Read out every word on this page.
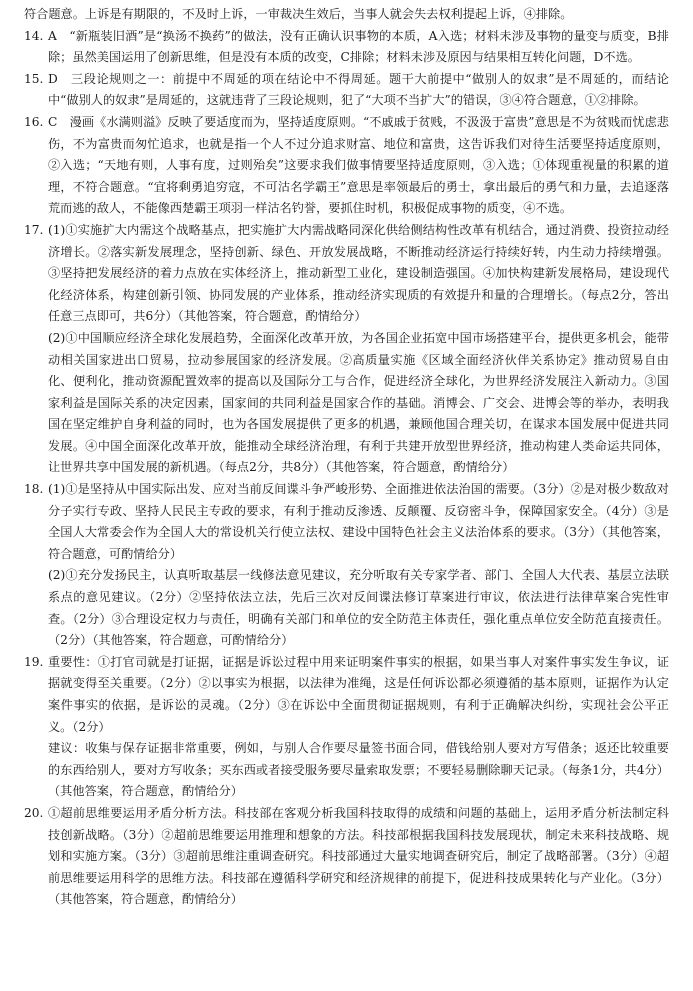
符合题意。上诉是有期限的，不及时上诉，一审裁决生效后，当事人就会失去权利提起上诉，④排除。

14. A　“新瓶装旧酒”是“换汤不换药”的做法，没有正确认识事物的本质，A入选；材料未涉及事物的量变与质变，B排除；虽然美国运用了创新思维，但是没有本质的改变，C排除；材料未涉及原因与结果相互转化问题，D不选。

15. D　三段论规则之一：前提中不周延的项在结论中不得周延。题干大前提中“做别人的奴隶”是不周延的，而结论中“做别人的奴隶”是周延的，这就违背了三段论规则，犯了“大项不当扩大”的错误，③④符合题意，①②排除。

16. C　漫画《水满则溢》反映了要适度而为，坚持适度原则。“不戚戚于贫贱，不汲汲于富贵”意思是不为贫贱而忧虑悲伤，不为富贵而匆忙追求，也就是指一个人不过分追求财富、地位和富贵，这告诉我们对待生活要坚持适度原则，②入选；“天地有则，人事有度，过则殆矣”这要求我们做事情要坚持适度原则，③入选；①体现重视量的积累的道理，不符合题意。“宜将剩勇追穷寇，不可沽名学霸王”意思是率领最后的勇士，拿出最后的勇气和力量，去追逐落荒而逃的敌人，不能像西楚霸王项羽一样沽名钓誉，要抓住时机，积极促成事物的质变，④不选。

17. (1)①实施扩大内需这个战略基点，把实施扩大内需战略同深化供给侧结构性改革有机结合，通过消费、投资拉动经济增长。②落实新发展理念，坚持创新、绿色、开放发展战略，不断推动经济运行持续好转，内生动力持续增强。③坚持把发展经济的着力点放在实体经济上，推动新型工业化，建设制造强国。④加快构建新发展格局，建设现代化经济体系，构建创新引领、协同发展的产业体系，推动经济实现质的有效提升和量的合理增长。（每点2分，答出任意三点即可，共6分）（其他答案，符合题意，酌情给分）

(2)①中国顺应经济全球化发展趋势，全面深化改革开放，为各国企业拓宽中国市场搭建平台，提供更多机会，能带动相关国家进出口贸易，拉动参展国家的经济发展。②高质量实施《区域全面经济伙伴关系协定》推动贸易自由化、便利化，推动资源配置效率的提高以及国际分工与合作，促进经济全球化，为世界经济发展注入新动力。③国家利益是国际关系的决定因素，国家间的共同利益是国家合作的基础。消博会、广交会、进博会等的举办，表明我国在坚定维护自身利益的同时，也为各国发展提供了更多的机遇，兼顾他国合理关切，在谋求本国发展中促进共同发展。④中国全面深化改革开放，能推动全球经济治理，有利于共建开放型世界经济，推动构建人类命运共同体，让世界共享中国发展的新机遇。（每点2分，共8分）（其他答案，符合题意，酌情给分）

18. (1)①是坚持从中国实际出发、应对当前反间谍斗争严峻形势、全面推进依法治国的需要。（3分）②是对极少数敌对分子实行专政、坚持人民民主专政的要求，有利于推动反渗透、反颠覆、反窃密斗争，保障国家安全。（4分）③是全国人大常委会作为全国人大的常设机关行使立法权、建设中国特色社会主义法治体系的要求。（3分）（其他答案，符合题意，可酌情给分）

(2)①充分发扬民主，认真听取基层一线修法意见建议，充分听取有关专家学者、部门、全国人大代表、基层立法联系点的意见建议。（2分）②坚持依法立法，先后三次对反间谍法修订草案进行审议，依法进行法律草案合宪性审查。（2分）③合理设定权力与责任，明确有关部门和单位的安全防范主体责任，强化重点单位安全防范直接责任。（2分）（其他答案，符合题意，可酌情给分）

19. 重要性：①打官司就是打证据，证据是诉讼过程中用来证明案件事实的根据，如果当事人对案件事实发生争议，证据就变得至关重要。（2分）②以事实为根据，以法律为准绳，这是任何诉讼都必须遵循的基本原则，证据作为认定案件事实的依据，是诉讼的灵魂。（2分）③在诉讼中全面贯彻证据规则，有利于正确解决纠纷，实现社会公平正义。（2分）

建议：收集与保存证据非常重要，例如，与别人合作要尽量签书面合同，借钱给别人要对方写借条；返还比较重要的东西给别人，要对方写收条；买东西或者接受服务要尽量索取发票；不要轻易删除聊天记录。（每条1分，共4分）（其他答案，符合题意，酌情给分）

20. ①超前思维要运用矛盾分析方法。科技部在客观分析我国科技取得的成绩和问题的基础上，运用矛盾分析法制定科技创新战略。（3分）②超前思维要运用推理和想象的方法。科技部根据我国科技发展现状，制定未来科技战略、规划和实施方案。（3分）③超前思维注重调查研究。科技部通过大量实地调查研究后，制定了战略部署。（3分）④超前思维要运用科学的思维方法。科技部在遵循科学研究和经济规律的前提下，促进科技成果转化与产业化。（3分）（其他答案，符合题意，酌情给分）
